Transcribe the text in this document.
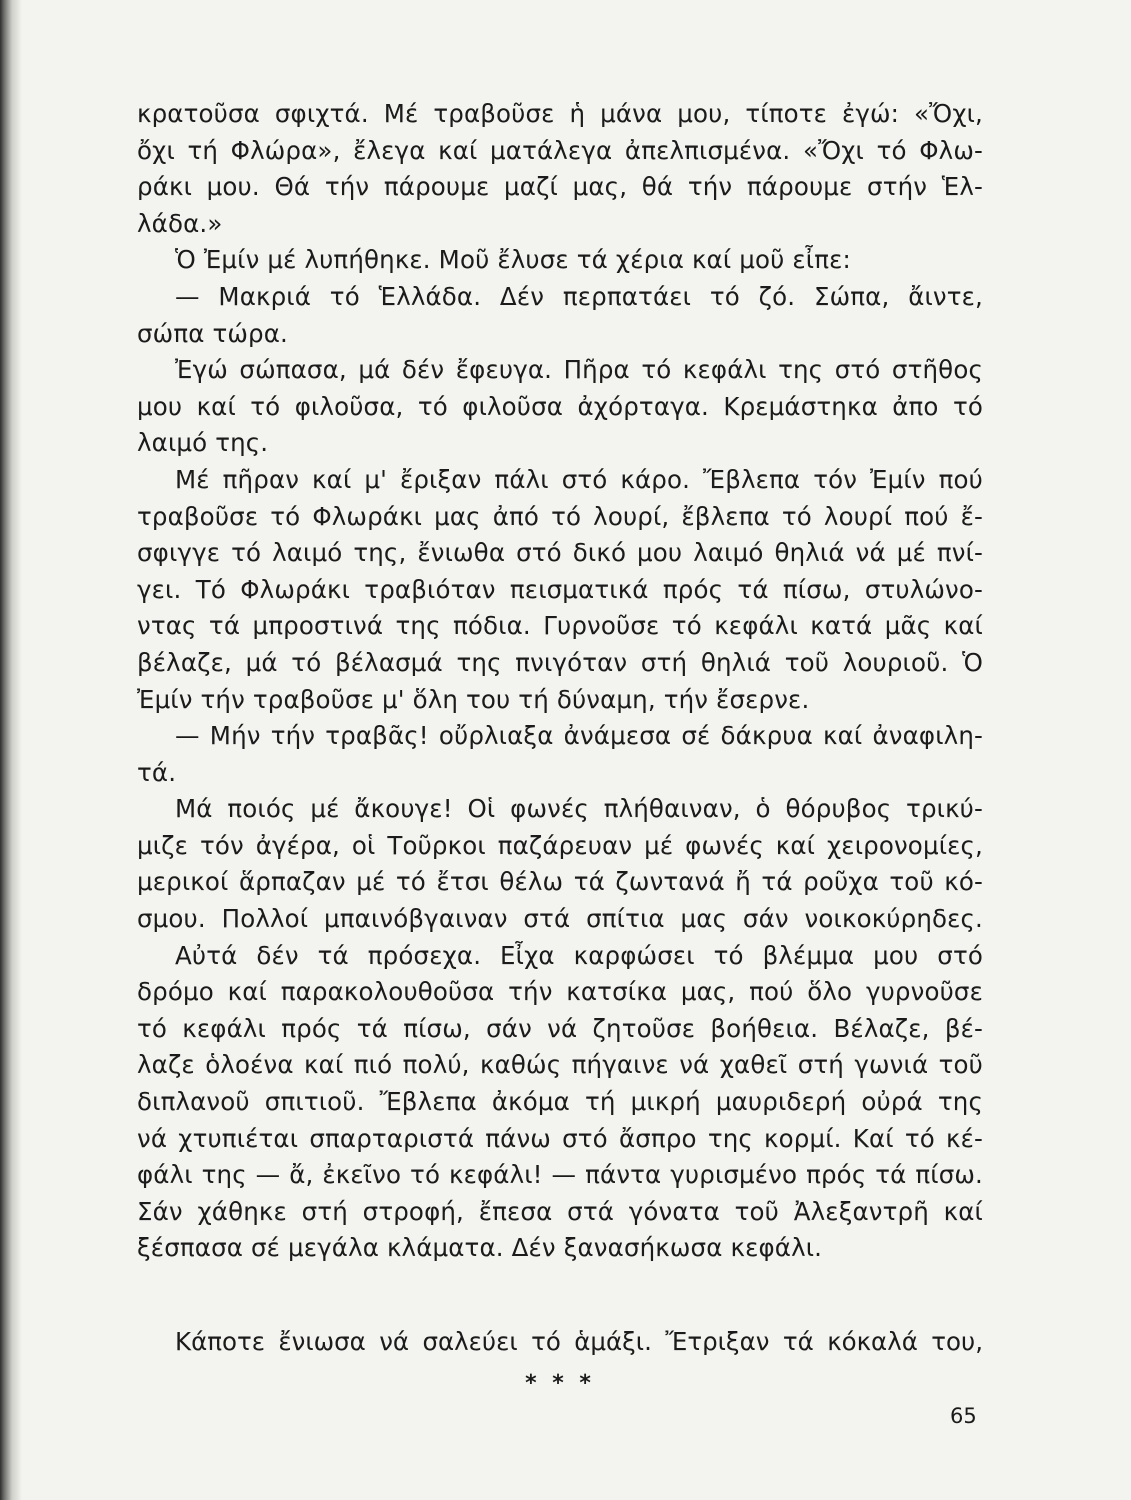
κρατοῦσα σφιχτά. Μέ τραβοῦσε ἡ μάνα μου, τίποτε ἐγώ: «Ὄχι,
ὄχι τή Φλώρα», ἔλεγα καί ματάλεγα ἀπελπισμένα. «Ὄχι τό Φλω-
ράκι μου. Θά τήν πάρουμε μαζί μας, θά τήν πάρουμε στήν Ἑλ-
λάδα.»
Ὁ Ἐμίν μέ λυπήθηκε. Μοῦ ἔλυσε τά χέρια καί μοῦ εἶπε:
— Μακριά τό Ἑλλάδα. Δέν περπατάει τό ζό. Σώπα, ἄιντε,
σώπα τώρα.
Ἐγώ σώπασα, μά δέν ἔφευγα. Πῆρα τό κεφάλι της στό στῆθος
μου καί τό φιλοῦσα, τό φιλοῦσα ἀχόρταγα. Κρεμάστηκα ἀπο τό
λαιμό της.
Μέ πῆραν καί μ' ἔριξαν πάλι στό κάρο. Ἔβλεπα τόν Ἐμίν πού
τραβοῦσε τό Φλωράκι μας ἀπό τό λουρί, ἔβλεπα τό λουρί πού ἔ-
σφιγγε τό λαιμό της, ἔνιωθα στό δικό μου λαιμό θηλιά νά μέ πνί-
γει. Τό Φλωράκι τραβιόταν πεισματικά πρός τά πίσω, στυλώνο-
ντας τά μπροστινά της πόδια. Γυρνοῦσε τό κεφάλι κατά μᾶς καί
βέλαζε, μά τό βέλασμά της πνιγόταν στή θηλιά τοῦ λουριοῦ. Ὁ
Ἐμίν τήν τραβοῦσε μ' ὅλη του τή δύναμη, τήν ἔσερνε.
— Μήν τήν τραβᾶς! οὔρλιαξα ἀνάμεσα σέ δάκρυα καί ἀναφιλη-
τά.
Μά ποιός μέ ἄκουγε! Οἱ φωνές πλήθαιναν, ὁ θόρυβος τρικύ-
μιζε τόν ἀγέρα, οἱ Τοῦρκοι παζάρευαν μέ φωνές καί χειρονομίες,
μερικοί ἅρπαζαν μέ τό ἔτσι θέλω τά ζωντανά ἤ τά ροῦχα τοῦ κό-
σμου. Πολλοί μπαινόβγαιναν στά σπίτια μας σάν νοικοκύρηδες.
Αὐτά δέν τά πρόσεχα. Εἶχα καρφώσει τό βλέμμα μου στό
δρόμο καί παρακολουθοῦσα τήν κατσίκα μας, πού ὅλο γυρνοῦσε
τό κεφάλι πρός τά πίσω, σάν νά ζητοῦσε βοήθεια. Βέλαζε, βέ-
λαζε ὁλοένα καί πιό πολύ, καθώς πήγαινε νά χαθεῖ στή γωνιά τοῦ
διπλανοῦ σπιτιοῦ. Ἔβλεπα ἀκόμα τή μικρή μαυριδερή οὐρά της
νά χτυπιέται σπαρταριστά πάνω στό ἄσπρο της κορμί. Καί τό κέ-
φάλι της — ἄ, ἐκεῖνο τό κεφάλι! — πάντα γυρισμένο πρός τά πίσω.
Σάν χάθηκε στή στροφή, ἔπεσα στά γόνατα τοῦ Ἀλεξαντρῆ καί
ξέσπασα σέ μεγάλα κλάματα. Δέν ξανασήκωσα κεφάλι.
* * *
Κάποτε ἔνιωσα νά σαλεύει τό ἁμάξι. Ἔτριξαν τά κόκαλά του,
65
